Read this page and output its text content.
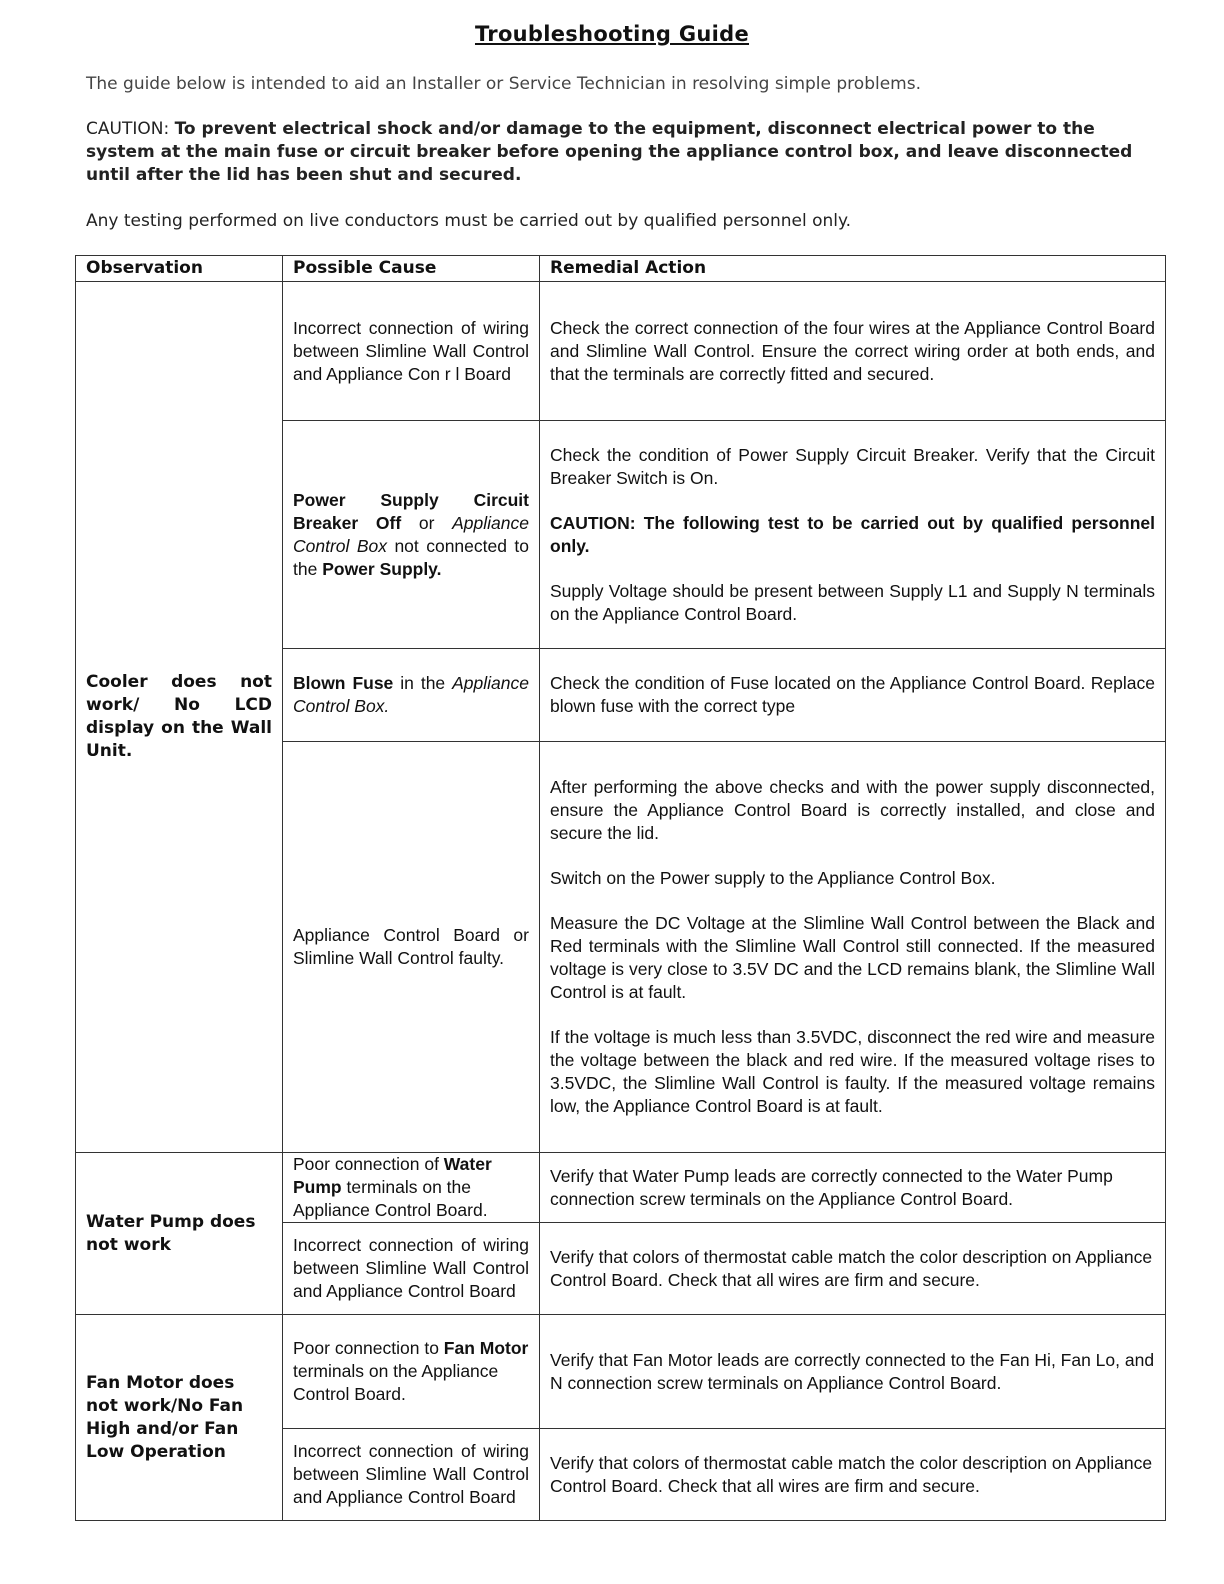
Troubleshooting Guide
The guide below is intended to aid an Installer or Service Technician in resolving simple problems.
CAUTION: To prevent electrical shock and/or damage to the equipment, disconnect electrical power to the system at the main fuse or circuit breaker before opening the appliance control box, and leave disconnected until after the lid has been shut and secured.
Any testing performed on live conductors must be carried out by qualified personnel only.
Observation	Possible Cause	Remedial Action
Cooler does not work/ No LCD display on the Wall Unit.	Incorrect connection of wiring between Slimline Wall Control and Appliance Con r l Board	Check the correct connection of the four wires at the Appliance Control Board and Slimline Wall Control. Ensure the correct wiring order at both ends, and that the terminals are correctly fitted and secured.

	Power Supply Circuit Breaker Off or Appliance Control Box not connected to the Power Supply.	Check the condition of Power Supply Circuit Breaker. Verify that the Circuit Breaker Switch is On.

CAUTION: The following test to be carried out by qualified personnel only.

Supply Voltage should be present between Supply L1 and Supply N terminals on the Appliance Control Board.

	Blown Fuse in the Appliance Control Box.	Check the condition of Fuse located on the Appliance Control Board. Replace blown fuse with the correct type

	Appliance Control Board or Slimline Wall Control faulty.	After performing the above checks and with the power supply disconnected, ensure the Appliance Control Board is correctly installed, and close and secure the lid.

Switch on the Power supply to the Appliance Control Box.

Measure the DC Voltage at the Slimline Wall Control between the Black and Red terminals with the Slimline Wall Control still connected. If the measured voltage is very close to 3.5V DC and the LCD remains blank, the Slimline Wall Control is at fault.

If the voltage is much less than 3.5VDC, disconnect the red wire and measure the voltage between the black and red wire. If the measured voltage rises to 3.5VDC, the Slimline Wall Control is faulty. If the measured voltage remains low, the Appliance Control Board is at fault.

Water Pump does not work	Poor connection of Water Pump terminals on the Appliance Control Board.	Verify that Water Pump leads are correctly connected to the Water Pump connection screw terminals on the Appliance Control Board.
	Incorrect connection of wiring between Slimline Wall Control and Appliance Control Board	Verify that colors of thermostat cable match the color description on Appliance Control Board. Check that all wires are firm and secure.
Fan Motor does not work/No Fan High and/or Fan Low Operation	Poor connection to Fan Motor terminals on the Appliance Control Board.	Verify that Fan Motor leads are correctly connected to the Fan Hi, Fan Lo, and N connection screw terminals on Appliance Control Board.
	Incorrect connection of wiring between Slimline Wall Control and Appliance Control Board	Verify that colors of thermostat cable match the color description on Appliance Control Board. Check that all wires are firm and secure.
